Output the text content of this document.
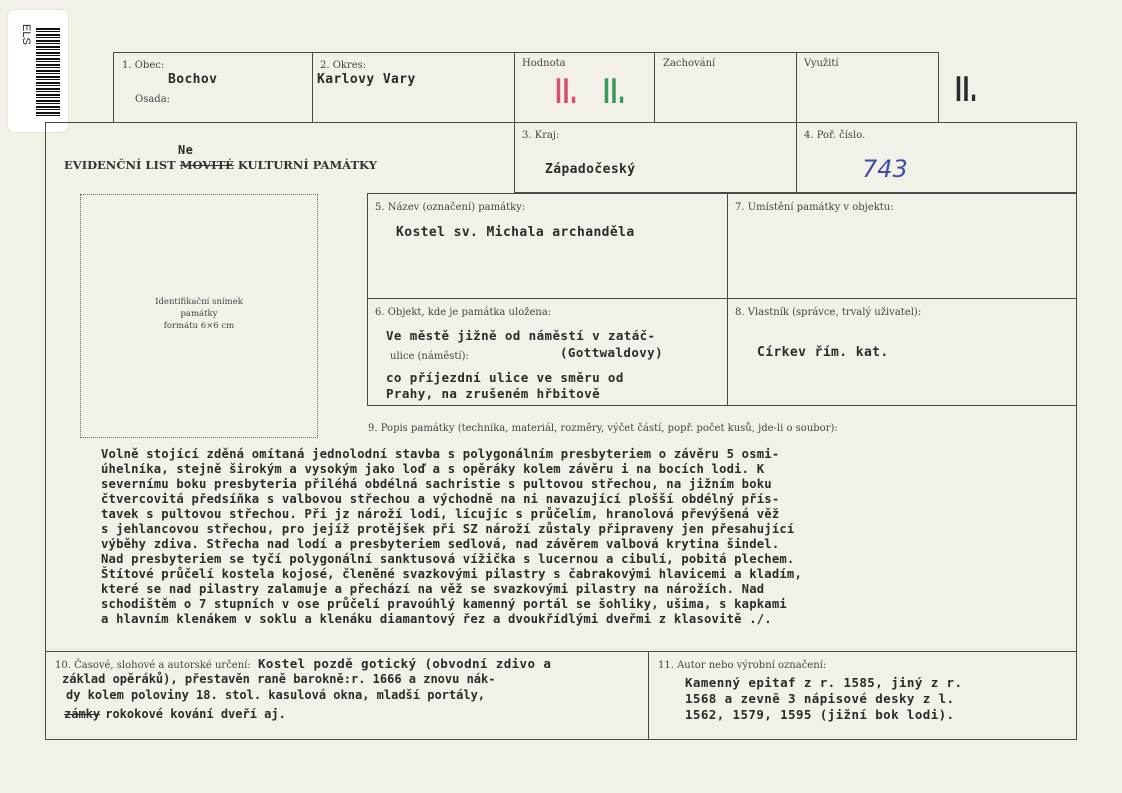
ELS
1. Obec:
Bochov
Osada:
2. Okres:
Karlovy Vary
Hodnota
II. II.
Zachování	Využití
II.
EVIDENČNÍ LIST MOVITÉ KULTURNÍ PAMÁTKY
Ne
3. Kraj:
Západočeský
4. Poř. číslo.
743
Identifikační snímek
památky
formátu 6×6 cm
5. Název (označení) památky:
Kostel sv. Michala archanděla
7. Umístění památky v objektu:
6. Objekt, kde je památka uložena:
Ve městě jižně od náměstí v zatáč-
ulice (náměstí):	(Gottwaldovy)
co příjezdní ulice ve směru od
Prahy, na zrušeném hřbitově
8. Vlastník (správce, trvalý uživatel):
Církev řím. kat.
9. Popis památky (technika, materiál, rozměry, výčet částí, popř. počet kusů, jde-li o soubor):
Volně stojící zděná omítaná jednolodní stavba s polygonálním presbyteriem o závěru 5 osmi-
úhelníka, stejně širokým a vysokým jako loď a s opěráky kolem závěru i na bocích lodi. K
severnímu boku presbyteria přiléhá obdélná sachristie s pultovou střechou, na jižním boku
čtvercovitá předsíňka s valbovou střechou a východně na ni navazující plošší obdélný přís-
tavek s pultovou střechou. Při jz nároží lodi, lícujíc s průčelím, hranolová převýšená věž
s jehlancovou střechou, pro jejíž protějšek při SZ nároží zůstaly připraveny jen přesahující
výběhy zdiva. Střecha nad lodí a presbyteriem sedlová, nad závěrem valbová krytina šindel.
Nad presbyteriem se tyčí polygonální sanktusová vížička s lucernou a cibulí, pobitá plechem.
Štítové průčelí kostela kojosé, členěné svazkovými pilastry s čabrakovými hlavicemi a kladím,
které se nad pilastry zalamuje a přechází na věž se svazkovými pilastry na nárožích. Nad
schodištěm o 7 stupních v ose průčelí pravoúhlý kamenný portál se šohliky, ušima, s kapkami
a hlavním klenákem v soklu a klenáku diamantový řez a dvoukřídlými dveřmi z klasovitě ./.
10. Časové, slohové a autorské určení: Kostel pozdě gotický (obvodní zdivo a
základ opěráků), přestavěn raně barokně:r. 1666 a znovu nák-
dy kolem poloviny 18. stol. kasulová okna, mladší portály,
zámky rokokové kování dveří aj.
11. Autor nebo výrobní označení:
Kamenný epitaf z r. 1585, jiný z r.
1568 a zevně 3 nápisové desky z l.
1562, 1579, 1595 (jižní bok lodi).
